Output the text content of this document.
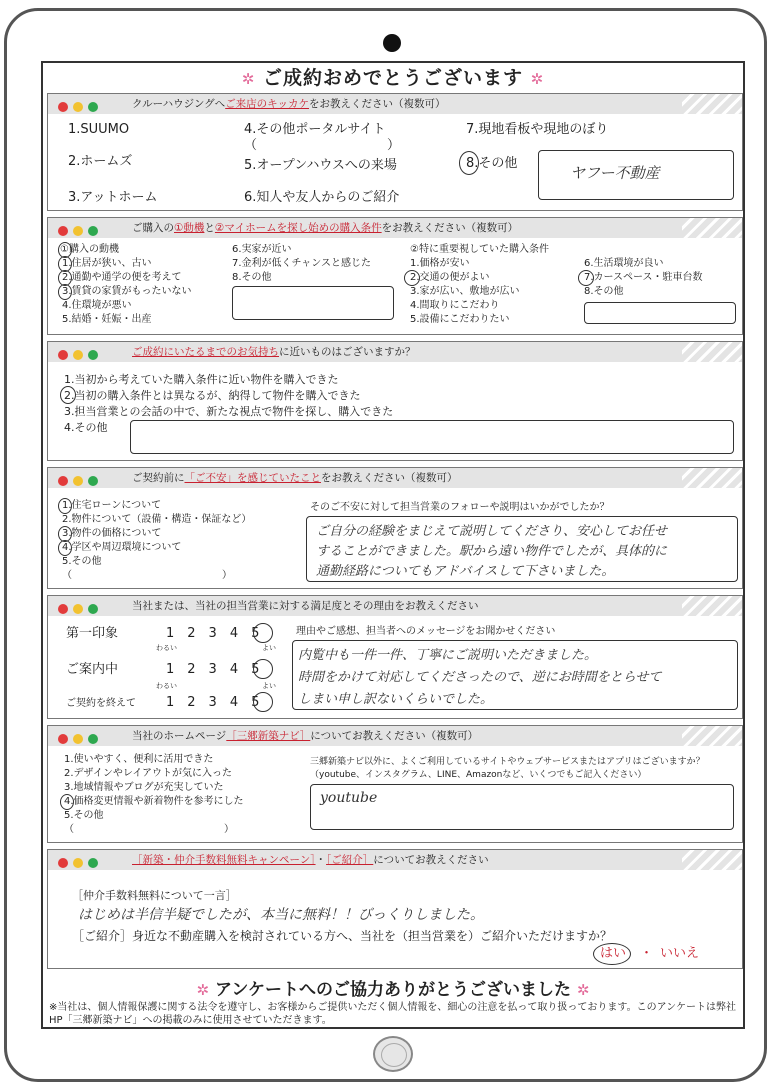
✲ ご成約おめでとうございます ✲
クルーハウジングへご来店のキッカケをお教えください（複数可）
1.SUUMO
2.ホームズ
3.アットホーム
4.その他ポータルサイト
（　　　　　　　　　　）
5.オープンハウスへの来場
6.知人や友人からのご紹介
7.現地看板や現地のぼり
8.その他
ヤフー不動産
ご購入の①動機と②マイホームを探し始めの購入条件をお教えください（複数可）
①購入の動機
1.住居が狭い、古い
2.通勤や通学の便を考えて
3.賃貸の家賃がもったいない
4.住環境が悪い
5.結婚・妊娠・出産
6.実家が近い
7.金利が低くチャンスと感じた
8.その他
②特に重要視していた購入条件
1.価格が安い
2.交通の便がよい
3.家が広い、敷地が広い
4.間取りにこだわり
5.設備にこだわりたい
6.生活環境が良い
7.カースペース・駐車台数
8.その他
ご成約にいたるまでのお気持ちに近いものはございますか？
1.当初から考えていた購入条件に近い物件を購入できた
2.当初の購入条件とは異なるが、納得して物件を購入できた
3.担当営業との会話の中で、新たな視点で物件を探し、購入できた
4.その他
ご契約前に「ご不安」を感じていたことをお教えください（複数可）
1.住宅ローンについて
2.物件について（設備・構造・保証など）
3.物件の価格について
4.学区や周辺環境について
5.その他
（　　　　　　　　　　　　　　　）
そのご不安に対して担当営業のフォローや説明はいかがでしたか？
ご自分の経験をまじえて説明してくださり、安心してお任せ
することができました。駅から遠い物件でしたが、具体的に
通勤経路についてもアドバイスして下さいました。
当社または、当社の担当営業に対する満足度とその理由をお教えください
第一印象	1　2　3　4　5
わるい	よい
ご案内中	1　2　3　4　5
わるい	よい
ご契約を終えて 1　2　3　4　5
理由やご感想、担当者へのメッセージをお聞かせください
内覧中も一件一件、丁寧にご説明いただきました。
時間をかけて対応してくださったので、逆にお時間をとらせて
しまい申し訳ないくらいでした。
当社のホームページ［三郷新築ナビ］についてお教えください（複数可）
1.使いやすく、便利に活用できた
2.デザインやレイアウトが気に入った
3.地域情報やブログが充実していた
4.価格変更情報や新着物件を参考にした
5.その他
（　　　　　　　　　　　　　　　）
三郷新築ナビ以外に、よくご利用しているサイトやウェブサービスまたはアプリはございますか？
（youtube、インスタグラム、LINE、Amazonなど、いくつでもご記入ください）
youtube
［新築・仲介手数料無料キャンペーン］・［ご紹介］についてお教えください
［仲介手数料無料について一言］
はじめは半信半疑でしたが、本当に無料！！びっくりしました。
［ご紹介］身近な不動産購入を検討されている方へ、当社を（担当営業を）ご紹介いただけますか？
はい ・ いいえ
✲ アンケートへのご協力ありがとうございました ✲
※当社は、個人情報保護に関する法令を遵守し、お客様からご提供いただく個人情報を、細心の注意を払って取り扱っております。このアンケートは弊社HP「三郷新築ナビ」への掲載のみに使用させていただきます。
